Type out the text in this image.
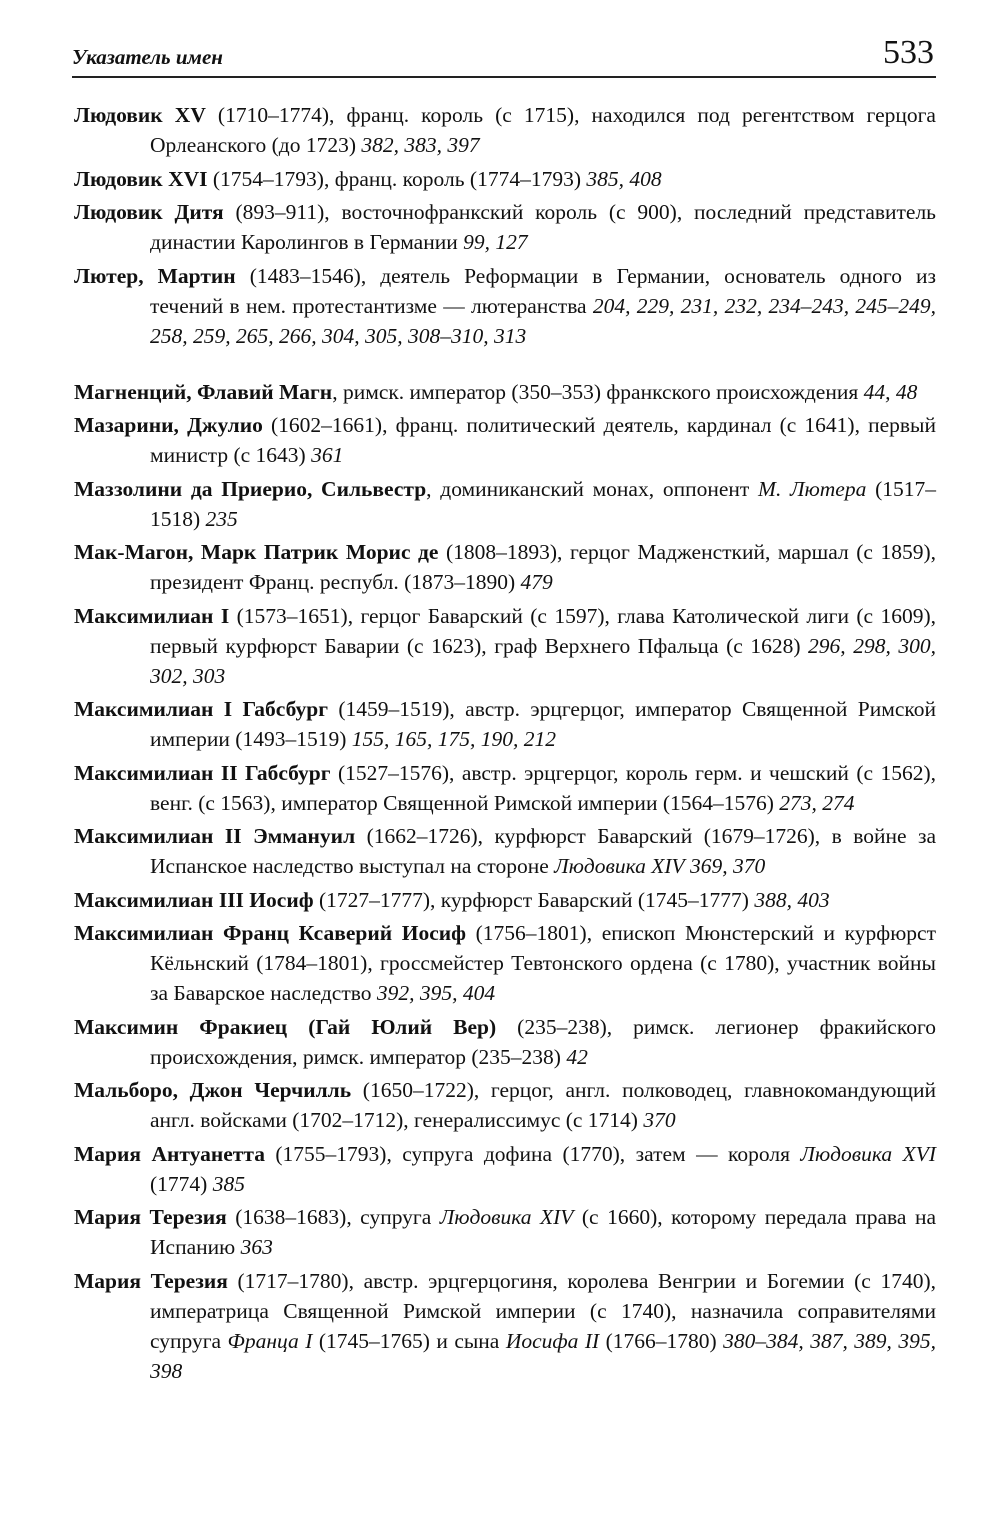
Указатель имен	533

Людовик XV (1710–1774), франц. король (с 1715), находился под регентством герцога Орлеанского (до 1723) 382, 383, 397

Людовик XVI (1754–1793), франц. король (1774–1793) 385, 408

Людовик Дитя (893–911), восточнофранкский король (с 900), последний представитель династии Каролингов в Германии 99, 127

Лютер, Мартин (1483–1546), деятель Реформации в Германии, основатель одного из течений в нем. протестантизме — лютеранства 204, 229, 231, 232, 234–243, 245–249, 258, 259, 265, 266, 304, 305, 308–310, 313

Магненций, Флавий Магн, римск. император (350–353) франкского происхождения 44, 48

Мазарини, Джулио (1602–1661), франц. политический деятель, кардинал (с 1641), первый министр (с 1643) 361

Маззолини да Приерио, Сильвестр, доминиканский монах, оппонент М. Лютера (1517–1518) 235

Мак-Магон, Марк Патрик Морис де (1808–1893), герцог Мадженсткий, маршал (с 1859), президент Франц. республ. (1873–1890) 479

Максимилиан I (1573–1651), герцог Баварский (с 1597), глава Католической лиги (с 1609), первый курфюрст Баварии (с 1623), граф Верхнего Пфальца (с 1628) 296, 298, 300, 302, 303

Максимилиан I Габсбург (1459–1519), австр. эрцгерцог, император Священной Римской империи (1493–1519) 155, 165, 175, 190, 212

Максимилиан II Габсбург (1527–1576), австр. эрцгерцог, король герм. и чешский (с 1562), венг. (с 1563), император Священной Римской империи (1564–1576) 273, 274

Максимилиан II Эммануил (1662–1726), курфюрст Баварский (1679–1726), в войне за Испанское наследство выступал на стороне Людовика XIV 369, 370

Максимилиан III Иосиф (1727–1777), курфюрст Баварский (1745–1777) 388, 403

Максимилиан Франц Ксаверий Иосиф (1756–1801), епископ Мюнстерский и курфюрст Кёльнский (1784–1801), гроссмейстер Тевтонского ордена (с 1780), участник войны за Баварское наследство 392, 395, 404

Максимин Фракиец (Гай Юлий Вер) (235–238), римск. легионер фракийского происхождения, римск. император (235–238) 42

Мальборо, Джон Черчилль (1650–1722), герцог, англ. полководец, главнокомандующий англ. войсками (1702–1712), генералиссимус (с 1714) 370

Мария Антуанетта (1755–1793), супруга дофина (1770), затем — короля Людовика XVI (1774) 385

Мария Терезия (1638–1683), супруга Людовика XIV (с 1660), которому передала права на Испанию 363

Мария Терезия (1717–1780), австр. эрцгерцогиня, королева Венгрии и Богемии (с 1740), императрица Священной Римской империи (с 1740), назначила соправителями супруга Франца I (1745–1765) и сына Иосифа II (1766–1780) 380–384, 387, 389, 395, 398
